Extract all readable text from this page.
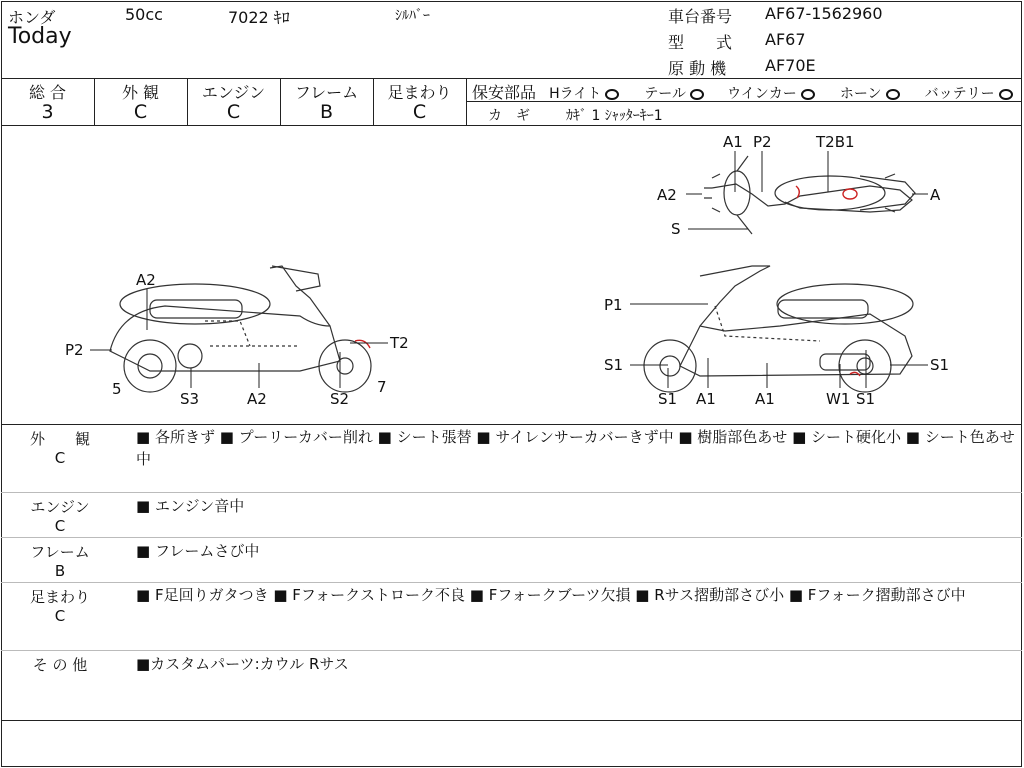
ホンダ	50cc	7022 ｷﾛ	ｼﾙﾊﾞｰ
Today
車台番号 AF67-1562960
型　　式 AF67
原 動 機 AF70E
総 合
3
外 観
C
エンジン
C
フレーム
B
足まわり
C
保安部品 Hライト	テール	ウインカー	ホーン	バッテリー
カ　ギ	ｶｷﾞ 1 ｼｬｯﾀｰｷｰ1
A1 P2	T2B1
A2	A
S
A2
P2
5
S3	A2	S2
7
T2
P1
S1
S1 A1	A1	W1 S1
S1
外　　観
C
■ 各所きず ■ プーリーカバー削れ ■ シート張替 ■ サイレンサーカバーきず中 ■ 樹脂部色あせ ■ シート硬化小 ■ シート色あせ中
エンジン
C
■ エンジン音中
フレーム
B
■ フレームさび中
足まわり
C
■ F足回りガタつき ■ Fフォークストローク不良 ■ Fフォークブーツ欠損 ■ Rサス摺動部さび小 ■ Fフォーク摺動部さび中
そ の 他	■カスタムパーツ:カウル Rサス
